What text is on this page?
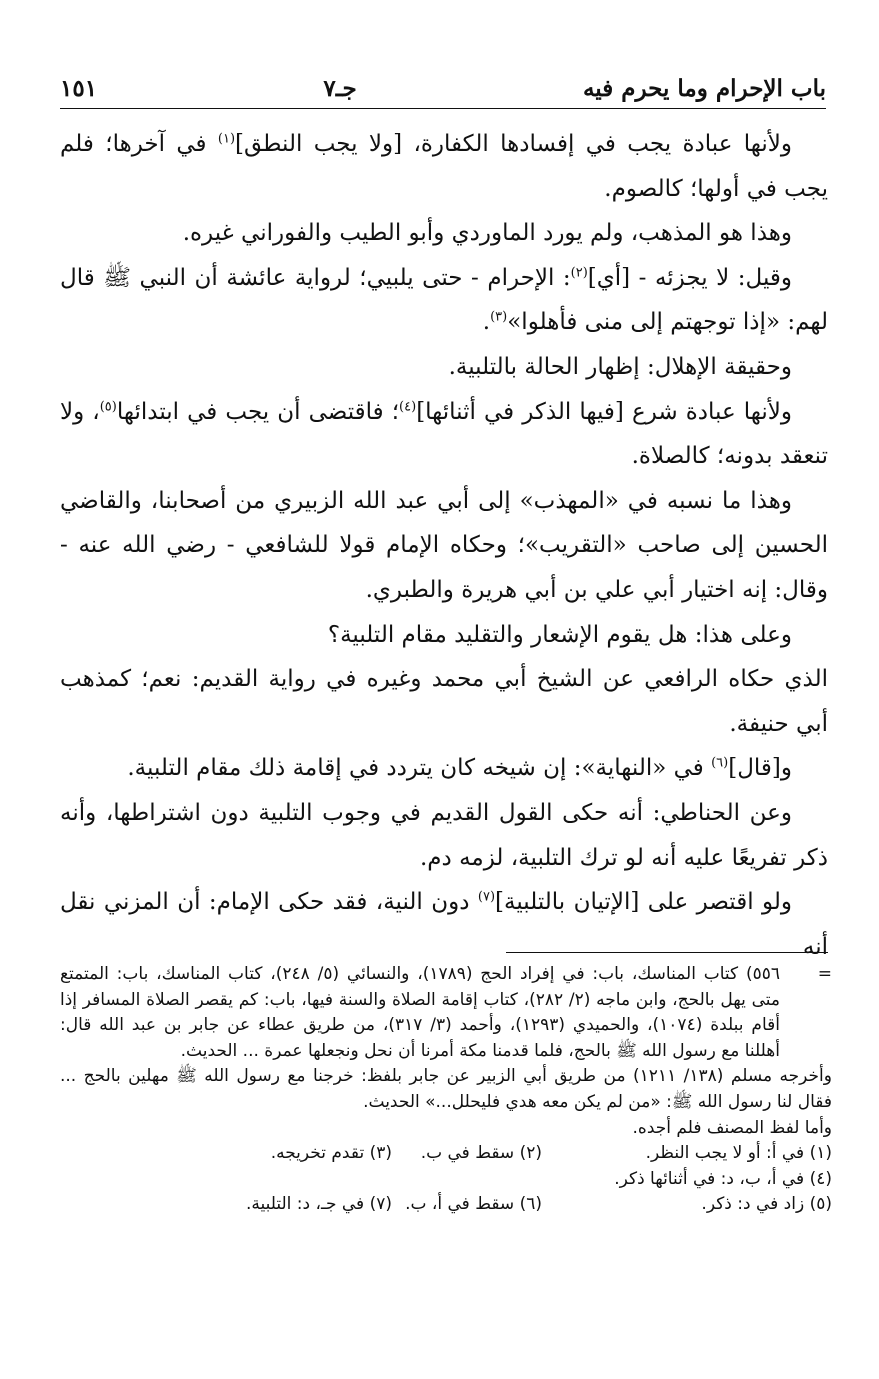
باب الإحرام وما يحرم فيه
جـ٧
١٥١

ولأنها عبادة يجب في إفسادها الكفارة، [ولا يجب النطق]$^{(١)}$ في آخرها؛ فلم يجب في أولها؛ كالصوم.

وهذا هو المذهب، ولم يورد الماوردي وأبو الطيب والفوراني غيره.

وقيل: لا يجزئه - [أي]$^{(٢)}$: الإحرام - حتى يلبيي؛ لرواية عائشة أن النبي ﷺ قال لهم: «إذا توجهتم إلى منى فأهلوا»$^{(٣)}$.

وحقيقة الإهلال: إظهار الحالة بالتلبية.

ولأنها عبادة شرع [فيها الذكر في أثنائها]$^{(٤)}$؛ فاقتضى أن يجب في ابتدائها$^{(٥)}$، ولا تنعقد بدونه؛ كالصلاة.

وهذا ما نسبه في «المهذب» إلى أبي عبد الله الزبيري من أصحابنا، والقاضي الحسين إلى صاحب «التقريب»؛ وحكاه الإمام قولا للشافعي - رضي الله عنه - وقال: إنه اختيار أبي علي بن أبي هريرة والطبري.

وعلى هذا: هل يقوم الإشعار والتقليد مقام التلبية؟

الذي حكاه الرافعي عن الشيخ أبي محمد وغيره في رواية القديم: نعم؛ كمذهب أبي حنيفة.

و[قال]$^{(٦)}$ في «النهاية»: إن شيخه كان يتردد في إقامة ذلك مقام التلبية.

وعن الحناطي: أنه حكى القول القديم في وجوب التلبية دون اشتراطها، وأنه ذكر تفريعًا عليه أنه لو ترك التلبية، لزمه دم.

ولو اقتصر على [الإتيان بالتلبية]$^{(٧)}$ دون النية، فقد حكى الإمام: أن المزني نقل أنه

=٥٥٦) كتاب المناسك، باب: في إفراد الحج (١٧٨٩)، والنسائي (٥/ ٢٤٨)، كتاب المناسك، باب: المتمتع متى يهل بالحج، وابن ماجه (٢/ ٢٨٢)، كتاب إقامة الصلاة والسنة فيها، باب: كم يقصر الصلاة المسافر إذا أقام ببلدة (١٠٧٤)، والحميدي (١٢٩٣)، وأحمد (٣/ ٣١٧)، من طريق عطاء عن جابر بن عبد الله قال: أهللنا مع رسول الله ﷺ بالحج، فلما قدمنا مكة أمرنا أن نحل ونجعلها عمرة ... الحديث.

وأخرجه مسلم (١٣٨/ ١٢١١) من طريق أبي الزبير عن جابر بلفظ: خرجنا مع رسول الله ﷺ مهلين بالحج ... فقال لنا رسول الله ﷺ: «من لم يكن معه هدي فليحلل...» الحديث.

وأما لفظ المصنف فلم أجده.

(١) في أ: أو لا يجب النظر.
(٢) سقط في ب.
(٣) تقدم تخريجه.
(٤) في أ، ب، د: في أثنائها ذكر.
(٥) زاد في د: ذكر.
(٦) سقط في أ، ب.
(٧) في جـ، د: التلبية.
